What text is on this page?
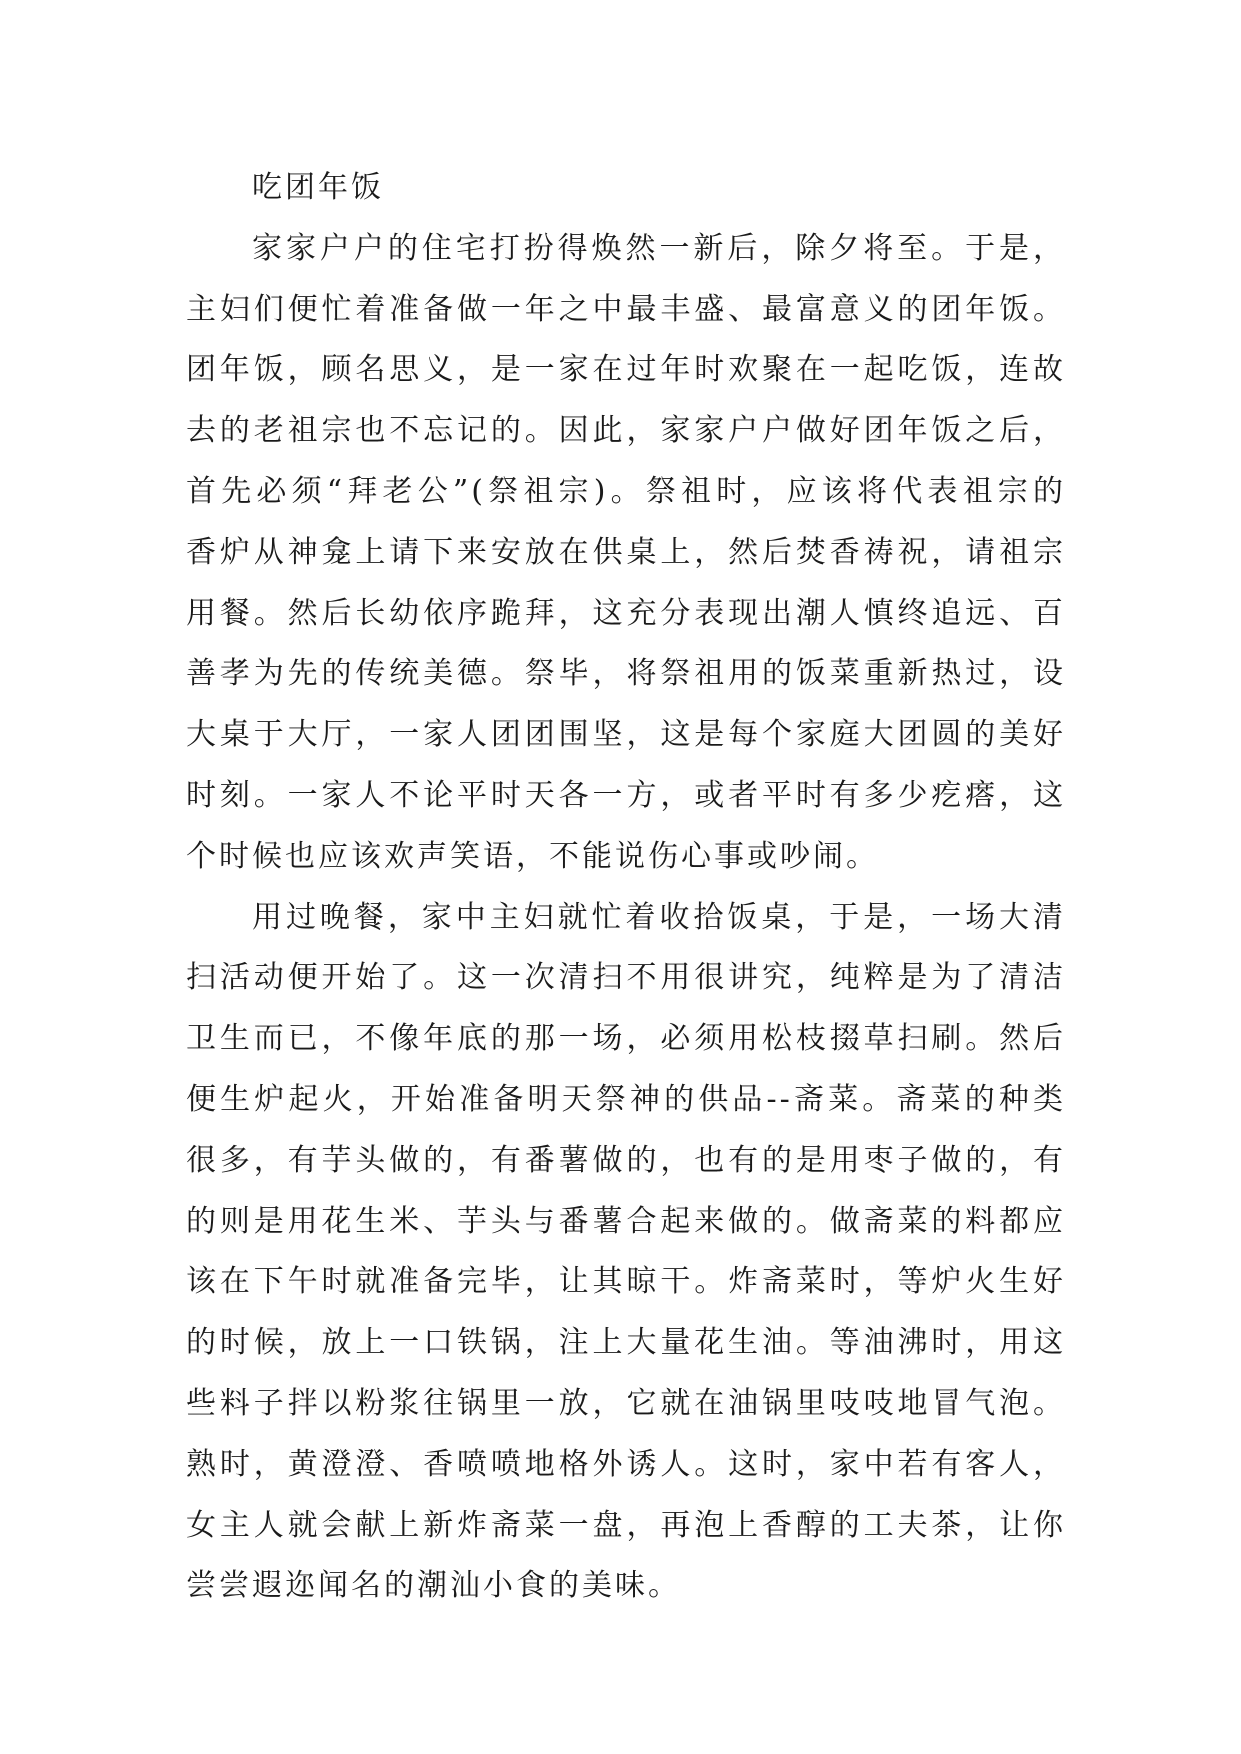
吃团年饭
家家户户的住宅打扮得焕然一新后，除夕将至。于是，
主妇们便忙着准备做一年之中最丰盛、最富意义的团年饭。
团年饭，顾名思义，是一家在过年时欢聚在一起吃饭，连故
去的老祖宗也不忘记的。因此，家家户户做好团年饭之后，
首先必须“拜老公”(祭祖宗)。祭祖时，应该将代表祖宗的
香炉从神龛上请下来安放在供桌上，然后焚香祷祝，请祖宗
用餐。然后长幼依序跪拜，这充分表现出潮人慎终追远、百
善孝为先的传统美德。祭毕，将祭祖用的饭菜重新热过，设
大桌于大厅，一家人团团围坚，这是每个家庭大团圆的美好
时刻。一家人不论平时天各一方，或者平时有多少疙瘩，这
个时候也应该欢声笑语，不能说伤心事或吵闹。
用过晚餐，家中主妇就忙着收拾饭桌，于是，一场大清
扫活动便开始了。这一次清扫不用很讲究，纯粹是为了清洁
卫生而已，不像年底的那一场，必须用松枝掇草扫刷。然后
便生炉起火，开始准备明天祭神的供品--斋菜。斋菜的种类
很多，有芋头做的，有番薯做的，也有的是用枣子做的，有
的则是用花生米、芋头与番薯合起来做的。做斋菜的料都应
该在下午时就准备完毕，让其晾干。炸斋菜时，等炉火生好
的时候，放上一口铁锅，注上大量花生油。等油沸时，用这
些料子拌以粉浆往锅里一放，它就在油锅里吱吱地冒气泡。
熟时，黄澄澄、香喷喷地格外诱人。这时，家中若有客人，
女主人就会献上新炸斋菜一盘，再泡上香醇的工夫茶，让你
尝尝遐迩闻名的潮汕小食的美味。
